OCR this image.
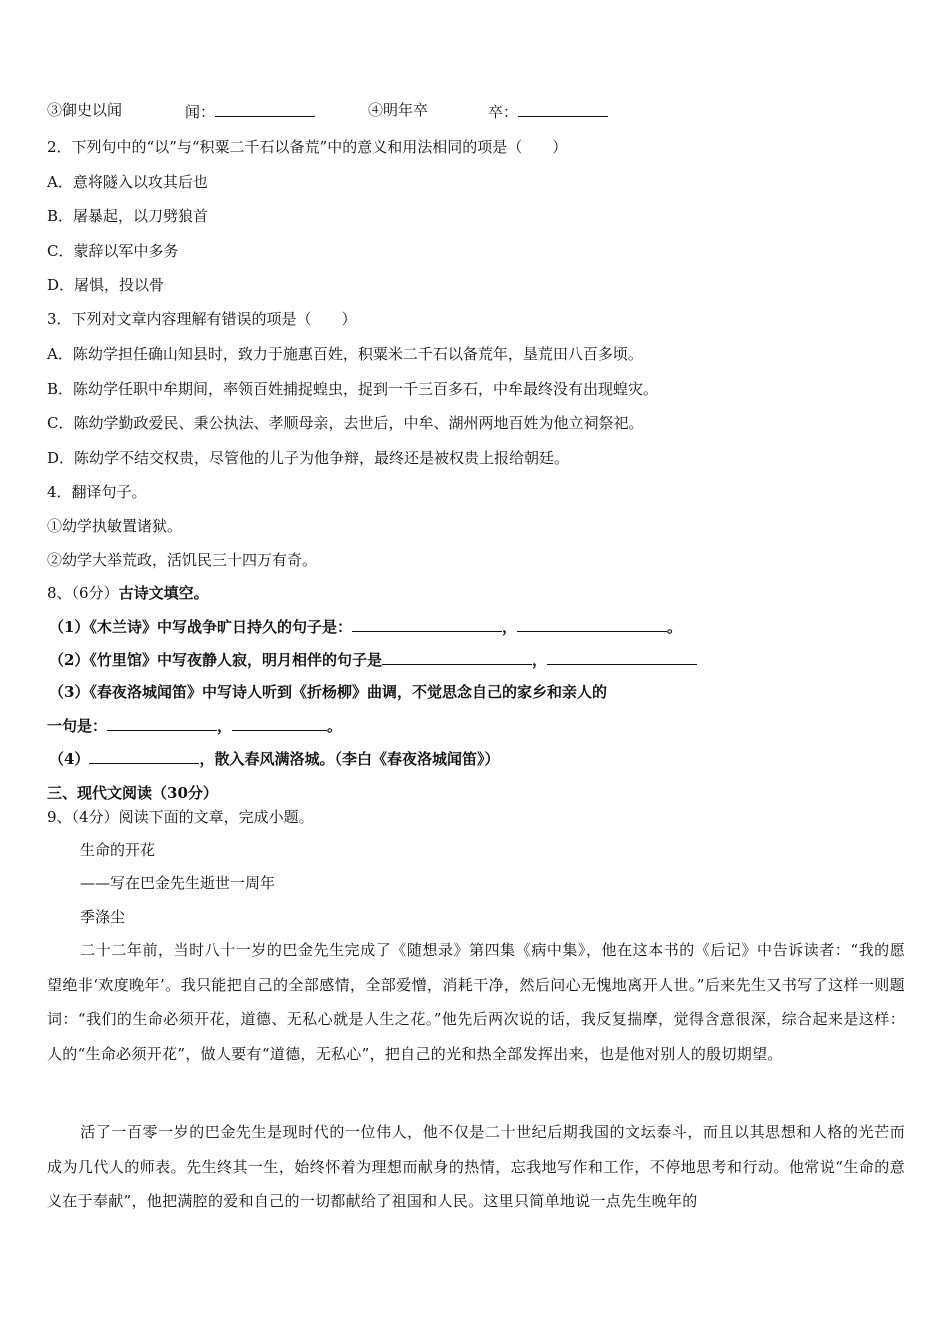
③御史以闻	闻：	④明年卒	卒：
2．下列句中的“以”与“积粟二千石以备荒”中的意义和用法相同的项是（　　）
A．意将隧入以攻其后也
B．屠暴起，以刀劈狼首
C．蒙辞以军中多务
D．屠惧，投以骨
3．下列对文章内容理解有错误的项是（　　）
A．陈幼学担任确山知县时，致力于施惠百姓，积粟米二千石以备荒年，垦荒田八百多顷。
B．陈幼学任职中牟期间，率领百姓捕捉蝗虫，捉到一千三百多石，中牟最终没有出现蝗灾。
C．陈幼学勤政爱民、秉公执法、孝顺母亲，去世后，中牟、湖州两地百姓为他立祠祭祀。
D．陈幼学不结交权贵，尽管他的儿子为他争辩，最终还是被权贵上报给朝廷。
4．翻译句子。
①幼学执敏置诸狱。
②幼学大举荒政，活饥民三十四万有奇。
8、（6分）古诗文填空。
（1）《木兰诗》中写战争旷日持久的句子是：	，	。
（2）《竹里馆》中写夜静人寂，明月相伴的句子是	，
（3）《春夜洛城闻笛》中写诗人听到《折杨柳》曲调，不觉思念自己的家乡和亲人的
一句是：	，	。
（4）	，散入春风满洛城。（李白《春夜洛城闻笛》）
三、现代文阅读（30分）
9、（4分）阅读下面的文章，完成小题。
生命的开花
——写在巴金先生逝世一周年
季涤尘
二十二年前，当时八十一岁的巴金先生完成了《随想录》第四集《病中集》，他在这本书的《后记》中告诉读者：“我的愿望绝非‘欢度晚年’。我只能把自己的全部感情，全部爱憎，消耗干净，然后问心无愧地离开人世。”后来先生又书写了这样一则题词：“我们的生命必须开花，道德、无私心就是人生之花。”他先后两次说的话，我反复揣摩，觉得含意很深，综合起来是这样：人的“生命必须开花”，做人要有“道德，无私心”，把自己的光和热全部发挥出来，也是他对别人的殷切期望。
活了一百零一岁的巴金先生是现时代的一位伟人，他不仅是二十世纪后期我国的文坛泰斗，而且以其思想和人格的光芒而成为几代人的师表。先生终其一生，始终怀着为理想而献身的热情，忘我地写作和工作，不停地思考和行动。他常说“生命的意义在于奉献”，他把满腔的爱和自己的一切都献给了祖国和人民。这里只简单地说一点先生晚年的
